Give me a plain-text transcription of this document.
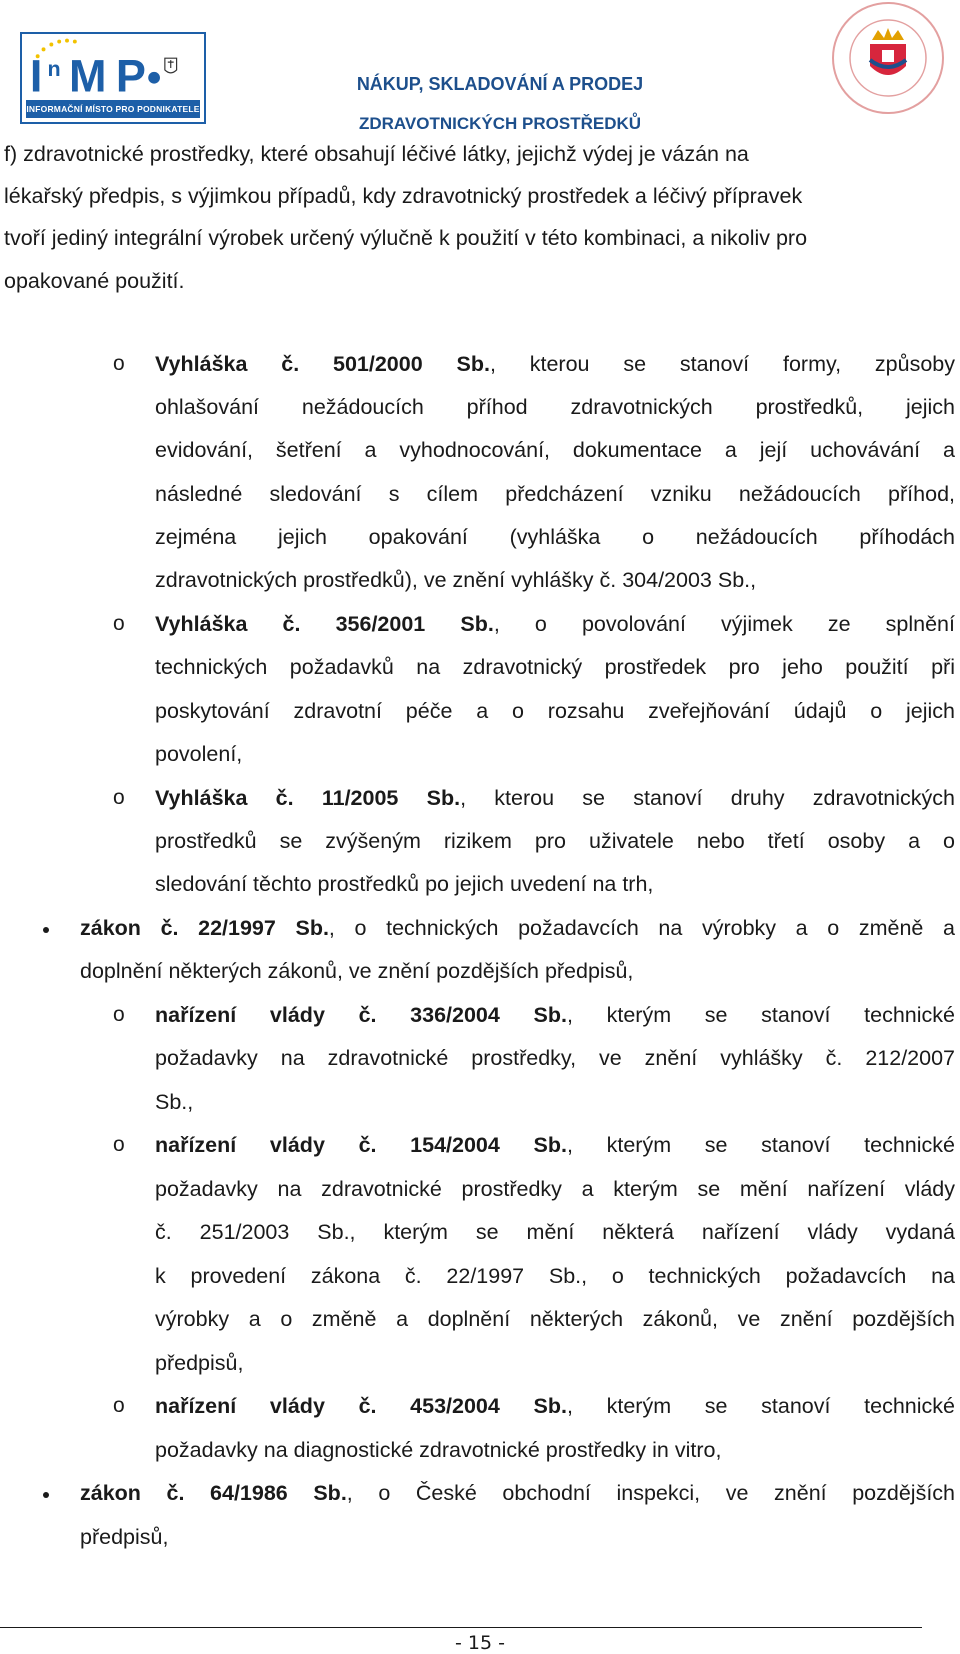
I n M P
INFORMAČNÍ MÍSTO PRO PODNIKATELE
NÁKUP, SKLADOVÁNÍ A PRODEJ
ZDRAVOTNICKÝCH PROSTŘEDKŮ
f) zdravotnické prostředky, které obsahují léčivé látky, jejichž výdej je vázán na
lékařský předpis, s výjimkou případů, kdy zdravotnický prostředek a léčivý přípravek
tvoří jediný integrální výrobek určený výlučně k použití v této kombinaci, a nikoliv pro
opakované použití.
o Vyhláška č. 501/2000 Sb., kterou se stanoví formy, způsoby
ohlašování nežádoucích příhod zdravotnických prostředků, jejich
evidování, šetření a vyhodnocování, dokumentace a její uchovávání a
následné sledování s cílem předcházení vzniku nežádoucích příhod,
zejména jejich opakování (vyhláška o nežádoucích příhodách
zdravotnických prostředků), ve znění vyhlášky č. 304/2003 Sb.,
o Vyhláška č. 356/2001 Sb., o povolování výjimek ze splnění
technických požadavků na zdravotnický prostředek pro jeho použití při
poskytování zdravotní péče a o rozsahu zveřejňování údajů o jejich
povolení,
o Vyhláška č. 11/2005 Sb., kterou se stanoví druhy zdravotnických
prostředků se zvýšeným rizikem pro uživatele nebo třetí osoby a o
sledování těchto prostředků po jejich uvedení na trh,
zákon č. 22/1997 Sb., o technických požadavcích na výrobky a o změně a
doplnění některých zákonů, ve znění pozdějších předpisů,
o nařízení vlády č. 336/2004 Sb., kterým se stanoví technické
požadavky na zdravotnické prostředky, ve znění vyhlášky č. 212/2007
Sb.,
o nařízení vlády č. 154/2004 Sb., kterým se stanoví technické
požadavky na zdravotnické prostředky a kterým se mění nařízení vlády
č. 251/2003 Sb., kterým se mění některá nařízení vlády vydaná
k provedení zákona č. 22/1997 Sb., o technických požadavcích na
výrobky a o změně a doplnění některých zákonů, ve znění pozdějších
předpisů,
o nařízení vlády č. 453/2004 Sb., kterým se stanoví technické
požadavky na diagnostické zdravotnické prostředky in vitro,
zákon č. 64/1986 Sb., o České obchodní inspekci, ve znění pozdějších
předpisů,
- 15 -
